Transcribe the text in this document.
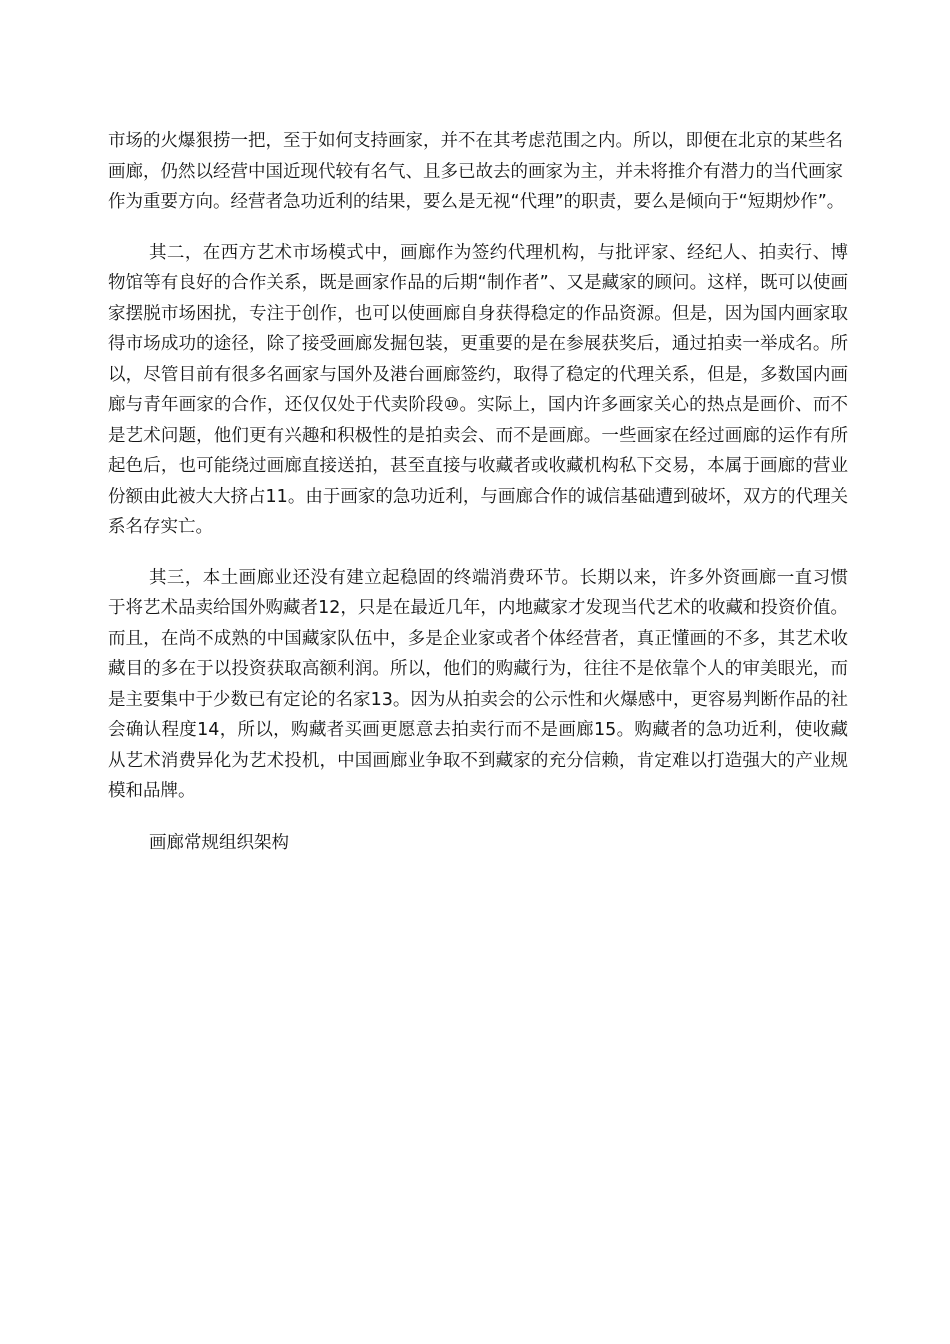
市场的火爆狠捞一把，至于如何支持画家，并不在其考虑范围之内。所以，即便在北京的某些名画廊，仍然以经营中国近现代较有名气、且多已故去的画家为主，并未将推介有潜力的当代画家作为重要方向。经营者急功近利的结果，要么是无视“代理”的职责，要么是倾向于“短期炒作”。

其二，在西方艺术市场模式中，画廊作为签约代理机构，与批评家、经纪人、拍卖行、博物馆等有良好的合作关系，既是画家作品的后期“制作者”、又是藏家的顾问。这样，既可以使画家摆脱市场困扰，专注于创作，也可以使画廊自身获得稳定的作品资源。但是，因为国内画家取得市场成功的途径，除了接受画廊发掘包装，更重要的是在参展获奖后，通过拍卖一举成名。所以，尽管目前有很多名画家与国外及港台画廊签约，取得了稳定的代理关系，但是，多数国内画廊与青年画家的合作，还仅仅处于代卖阶段⑩。实际上，国内许多画家关心的热点是画价、而不是艺术问题，他们更有兴趣和积极性的是拍卖会、而不是画廊。一些画家在经过画廊的运作有所起色后，也可能绕过画廊直接送拍，甚至直接与收藏者或收藏机构私下交易，本属于画廊的营业份额由此被大大挤占11。由于画家的急功近利，与画廊合作的诚信基础遭到破坏，双方的代理关系名存实亡。

其三，本土画廊业还没有建立起稳固的终端消费环节。长期以来，许多外资画廊一直习惯于将艺术品卖给国外购藏者12，只是在最近几年，内地藏家才发现当代艺术的收藏和投资价值。而且，在尚不成熟的中国藏家队伍中，多是企业家或者个体经营者，真正懂画的不多，其艺术收藏目的多在于以投资获取高额利润。所以，他们的购藏行为，往往不是依靠个人的审美眼光，而是主要集中于少数已有定论的名家13。因为从拍卖会的公示性和火爆感中，更容易判断作品的社会确认程度14，所以，购藏者买画更愿意去拍卖行而不是画廊15。购藏者的急功近利，使收藏从艺术消费异化为艺术投机，中国画廊业争取不到藏家的充分信赖，肯定难以打造强大的产业规模和品牌。

画廊常规组织架构
